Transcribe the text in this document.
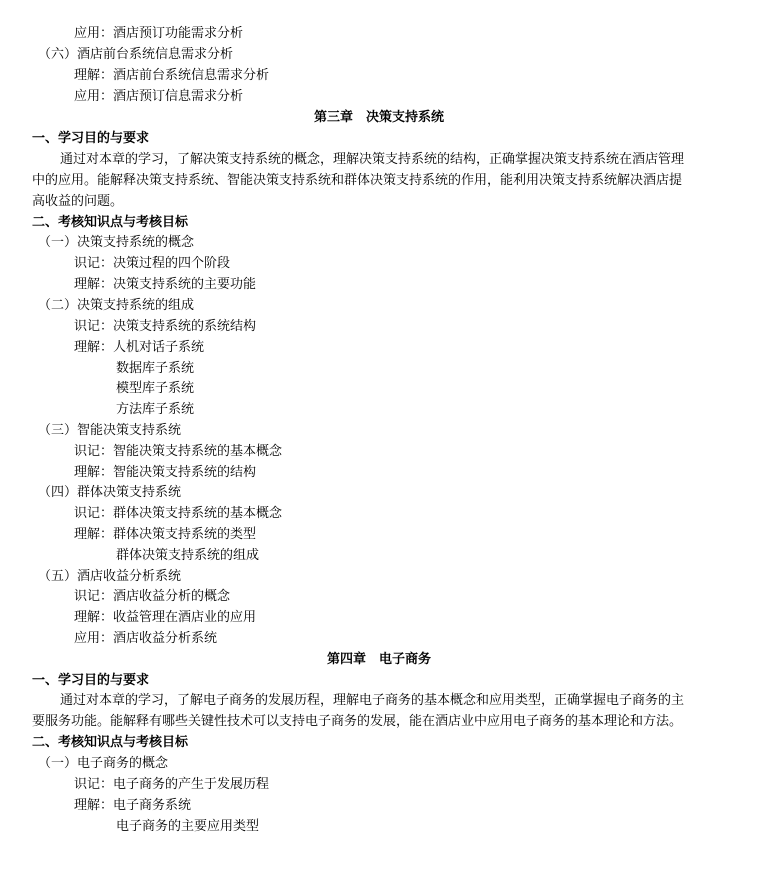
应用：酒店预订功能需求分析
（六）酒店前台系统信息需求分析
理解：酒店前台系统信息需求分析
应用：酒店预订信息需求分析
第三章　决策支持系统
一、学习目的与要求
通过对本章的学习，了解决策支持系统的概念，理解决策支持系统的结构，正确掌握决策支持系统在酒店管理
中的应用。能解释决策支持系统、智能决策支持系统和群体决策支持系统的作用，能利用决策支持系统解决酒店提
高收益的问题。
二、考核知识点与考核目标
（一）决策支持系统的概念
识记：决策过程的四个阶段
理解：决策支持系统的主要功能
（二）决策支持系统的组成
识记：决策支持系统的系统结构
理解：人机对话子系统
数据库子系统
模型库子系统
方法库子系统
（三）智能决策支持系统
识记：智能决策支持系统的基本概念
理解：智能决策支持系统的结构
（四）群体决策支持系统
识记：群体决策支持系统的基本概念
理解：群体决策支持系统的类型
群体决策支持系统的组成
（五）酒店收益分析系统
识记：酒店收益分析的概念
理解：收益管理在酒店业的应用
应用：酒店收益分析系统
第四章　电子商务
一、学习目的与要求
通过对本章的学习，了解电子商务的发展历程，理解电子商务的基本概念和应用类型，正确掌握电子商务的主
要服务功能。能解释有哪些关键性技术可以支持电子商务的发展，能在酒店业中应用电子商务的基本理论和方法。
二、考核知识点与考核目标
（一）电子商务的概念
识记：电子商务的产生于发展历程
理解：电子商务系统
电子商务的主要应用类型
